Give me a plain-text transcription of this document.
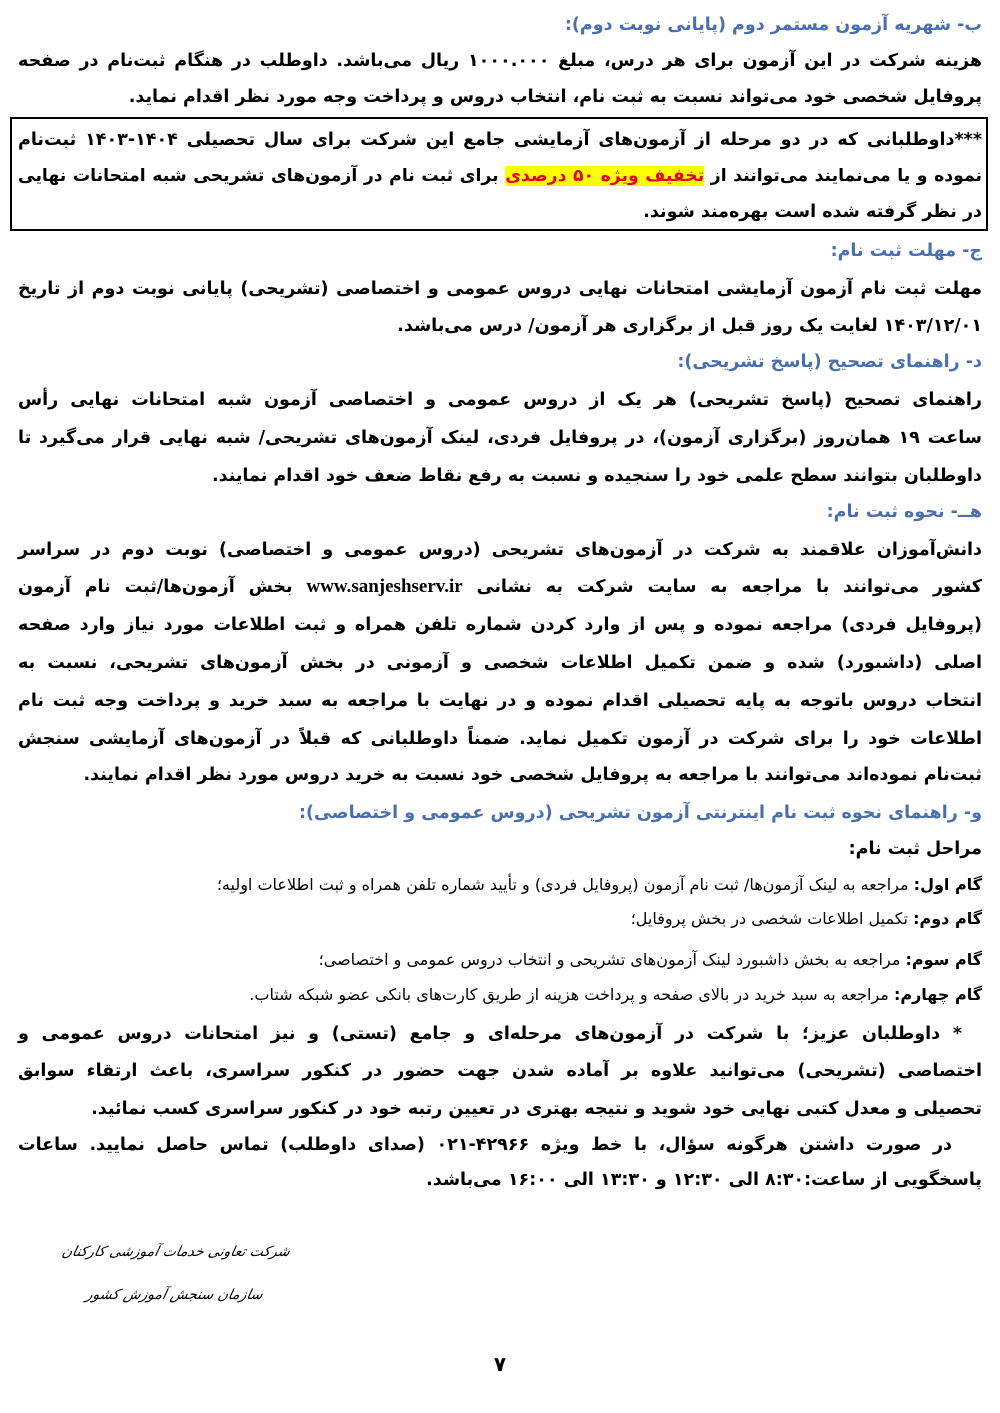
ب- شهریه آزمون مستمر دوم (پایانی نوبت دوم):
هزینه شرکت در این آزمون برای هر درس، مبلغ ۱۰۰۰.۰۰۰ ریال می‌باشد. داوطلب در هنگام ثبت‌نام در صفحه
پروفایل شخصی خود می‌تواند نسبت به ثبت نام، انتخاب دروس و پرداخت وجه مورد نظر اقدام نماید.
***داوطلبانی که در دو مرحله از آزمون‌های آزمایشی جامع این شرکت برای سال تحصیلی ۱۴۰۴-۱۴۰۳ ثبت‌نام
نموده و یا می‌نمایند می‌توانند از تخفیف ویژه ۵۰ درصدی برای ثبت نام در آزمون‌های تشریحی شبه امتحانات نهایی
در نظر گرفته شده است بهره‌مند شوند.
ج- مهلت ثبت نام:
مهلت ثبت نام آزمون آزمایشی امتحانات نهایی دروس عمومی و اختصاصی (تشریحی) پایانی نوبت دوم از تاریخ
۱۴۰۳/۱۲/۰۱ لغایت یک روز قبل از برگزاری هر آزمون/ درس می‌باشد.
د- راهنمای تصحیح (پاسخ تشریحی):
راهنمای تصحیح (پاسخ تشریحی) هر یک از دروس عمومی و اختصاصی آزمون شبه امتحانات نهایی رأس
ساعت ۱۹ همان‌روز (برگزاری آزمون)، در پروفایل فردی، لینک آزمون‌های تشریحی/ شبه نهایی قرار می‌گیرد تا
داوطلبان بتوانند سطح علمی خود را سنجیده و نسبت به رفع نقاط ضعف خود اقدام نمایند.
هــ- نحوه ثبت نام:
دانش‌آموزان علاقمند به شرکت در آزمون‌های تشریحی (دروس عمومی و اختصاصی) نوبت دوم در سراسر
کشور می‌توانند با مراجعه به سایت شرکت به نشانی www.sanjeshserv.ir بخش آزمون‌ها/ثبت نام آزمون
(پروفایل فردی) مراجعه نموده و پس از وارد کردن شماره تلفن همراه و ثبت اطلاعات مورد نیاز وارد صفحه
اصلی (داشبورد) شده و ضمن تکمیل اطلاعات شخصی و آزمونی در بخش آزمون‌های تشریحی، نسبت به
انتخاب دروس باتوجه به پایه تحصیلی اقدام نموده و در نهایت با مراجعه به سبد خرید و پرداخت وجه ثبت نام
اطلاعات خود را برای شرکت در آزمون تکمیل نماید. ضمناً داوطلبانی که قبلاً در آزمون‌های آزمایشی سنجش
ثبت‌نام نموده‌اند می‌توانند با مراجعه به پروفایل شخصی خود نسبت به خرید دروس مورد نظر اقدام نمایند.
و- راهنمای نحوه ثبت نام اینترنتی آزمون تشریحی (دروس عمومی و اختصاصی):
مراحل ثبت نام:
گام اول: مراجعه به لینک آزمون‌ها/ ثبت نام آزمون (پروفایل فردی) و تأیید شماره تلفن همراه و ثبت اطلاعات اولیه؛
گام دوم: تکمیل اطلاعات شخصی در بخش پروفایل؛
گام سوم: مراجعه به بخش داشبورد لینک آزمون‌های تشریحی و انتخاب دروس عمومی و اختصاصی؛
گام چهارم: مراجعه به سبد خرید در بالای صفحه و پرداخت هزینه از طریق کارت‌های بانکی عضو شبکه شتاب.
* داوطلبان عزیز؛ با شرکت در آزمون‌های مرحله‌ای و جامع (تستی) و نیز امتحانات دروس عمومی و
اختصاصی (تشریحی) می‌توانید علاوه بر آماده شدن جهت حضور در کنکور سراسری، باعث ارتقاء سوابق
تحصیلی و معدل کتبی نهایی خود شوید و نتیجه بهتری در تعیین رتبه خود در کنکور سراسری کسب نمائید.
در صورت داشتن هرگونه سؤال، با خط ویژه ۴۲۹۶۶-۰۲۱ (صدای داوطلب) تماس حاصل نمایید. ساعات
پاسخگویی از ساعت:۸:۳۰ الی ۱۲:۳۰ و ۱۳:۳۰ الی ۱۶:۰۰ می‌باشد.
شرکت تعاونی خدمات آموزشی کارکنان
سازمان سنجش آموزش کشور
۷
